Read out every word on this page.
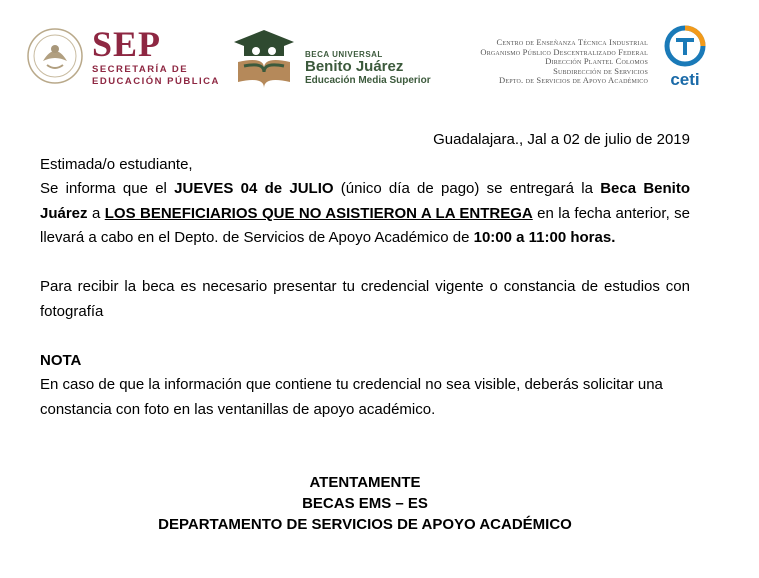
SEP
SECRETARÍA DE
EDUCACIÓN PÚBLICA
BECA UNIVERSAL
Benito Juárez
Educación Media Superior
Centro de Enseñanza Técnica Industrial
Organismo Público Descentralizado Federal
Dirección Plantel Colomos
Subdirección de Servicios
Depto. de Servicios de Apoyo Académico	ceti
Guadalajara., Jal a 02 de julio de 2019
Estimada/o estudiante,
Se informa que el JUEVES 04 de JULIO (único día de pago) se entregará la Beca Benito Juárez a LOS BENEFICIARIOS QUE NO ASISTIERON A LA ENTREGA en la fecha anterior, se llevará a cabo en el Depto. de Servicios de Apoyo Académico de 10:00 a 11:00 horas.
Para recibir la beca es necesario presentar tu credencial vigente o constancia de estudios con fotografía
NOTA
En caso de que la información que contiene tu credencial no sea visible, deberás solicitar una constancia con foto en las ventanillas de apoyo académico.
ATENTAMENTE
BECAS EMS – ES
DEPARTAMENTO DE SERVICIOS DE APOYO ACADÉMICO
